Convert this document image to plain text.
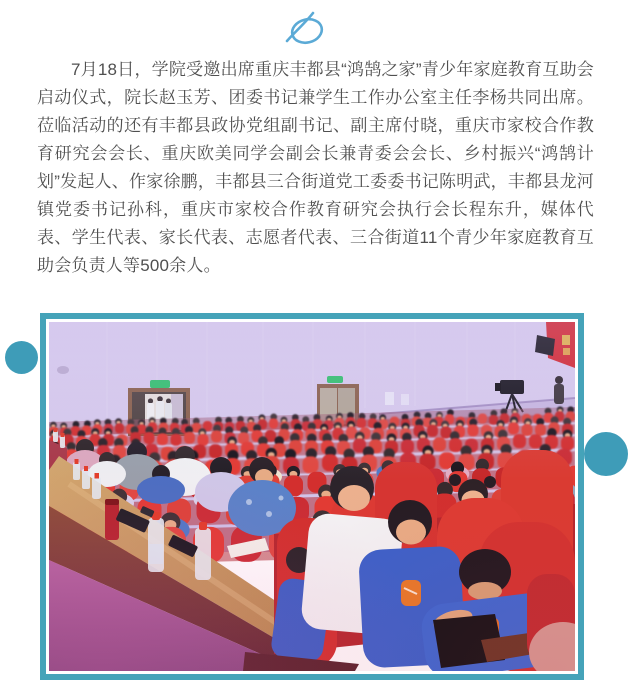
7月18日，学院受邀出席重庆丰都县“鸿鹄之家”青少年家庭教育互助会启动仪式，院长赵玉芳、团委书记兼学生工作办公室主任李杨共同出席。莅临活动的还有丰都县政协党组副书记、副主席付晓，重庆市家校合作教育研究会会长、重庆欧美同学会副会长兼青委会会长、乡村振兴“鸿鹄计划”发起人、作家徐鹏，丰都县三合街道党工委委书记陈明武，丰都县龙河镇党委书记孙科，重庆市家校合作教育研究会执行会长程东升，媒体代表、学生代表、家长代表、志愿者代表、三合街道11个青少年家庭教育互助会负责人等500余人。
